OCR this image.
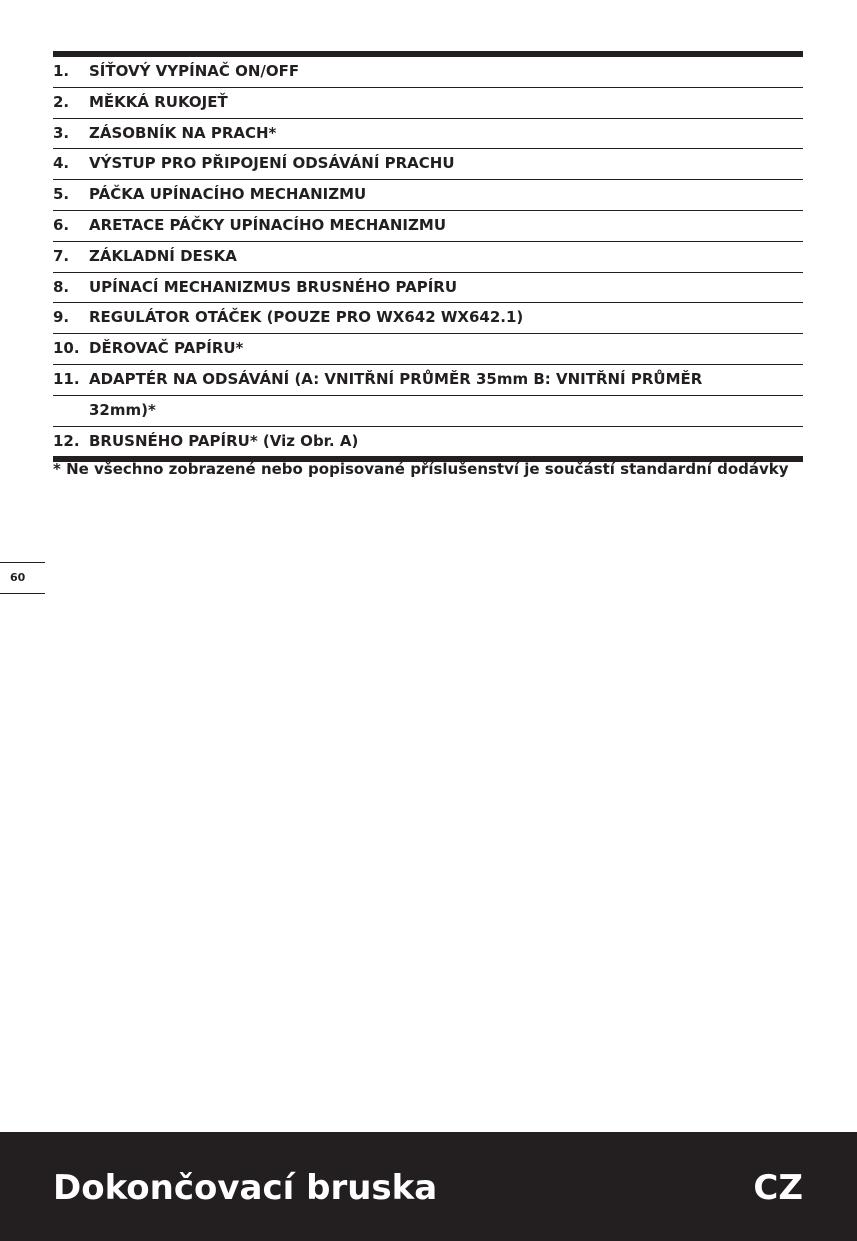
1.	SÍŤOVÝ VYPÍNAČ ON/OFF
2.	MĚKKÁ RUKOJEŤ
3.	ZÁSOBNÍK NA PRACH*
4.	VÝSTUP PRO PŘIPOJENÍ ODSÁVÁNÍ PRACHU
5.	PÁČKA UPÍNACÍHO MECHANIZMU
6.	ARETACE PÁČKY UPÍNACÍHO MECHANIZMU
7.	ZÁKLADNÍ DESKA
8.	UPÍNACÍ MECHANIZMUS BRUSNÉHO PAPÍRU
9.	REGULÁTOR OTÁČEK (POUZE PRO WX642 WX642.1)
10. DĚROVAČ PAPÍRU*
11. ADAPTÉR NA ODSÁVÁNÍ (A: VNITŘNÍ PRŮMĚR 35mm B: VNITŘNÍ PRŮMĚR
32mm)*
12. BRUSNÉHO PAPÍRU* (Viz Obr. A)
* Ne všechno zobrazené nebo popisované příslušenství je součástí standardní dodávky
60
Dokončovací bruska	CZ
